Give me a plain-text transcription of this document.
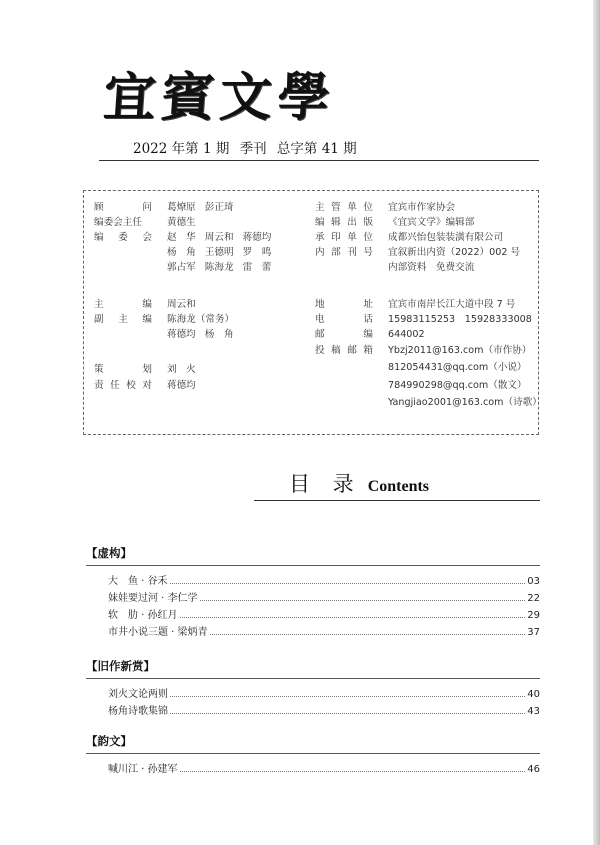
宜賓文學
2022 年第 1 期 季刊 总字第 41 期
顾	问 葛燎原 彭正琦
编委会主任	黄德生
编 委 会 赵　华 周云和 蒋德均
杨　角 王德明 罗　鸣
郭占军 陈海龙 雷　蕾
主	编 周云和
副 主 编 陈海龙（常务）
蒋德均 杨　角
策	划 刘　火
责 任 校 对 蒋德均
主 管 单 位 宜宾市作家协会
编 辑 出 版 《宜宾文学》编辑部
承 印 单 位 成都兴怡包装装潢有限公司
内 部 刊 号 宜叙新出内资（2022）002 号
内部资料　免费交流
地	址 宜宾市南岸长江大道中段 7 号
电	话 15983115253　15928333008
邮	编 644002
投 稿 邮 箱 Ybzj2011@163.com（市作协）
812054431@qq.com（小说）
784990298@qq.com（散文）
Yangjiao2001@163.com（诗歌）
目 录 Contents
【虚构】
大　鱼 · 谷禾	03
妹娃要过河 · 李仁学	22
软　肋 · 孙红月	29
市井小说三题 · 梁炳青	37
【旧作新赏】
刘火文论两则	40
杨角诗歌集锦	43
【韵文】
喊川江 · 孙建军	46
